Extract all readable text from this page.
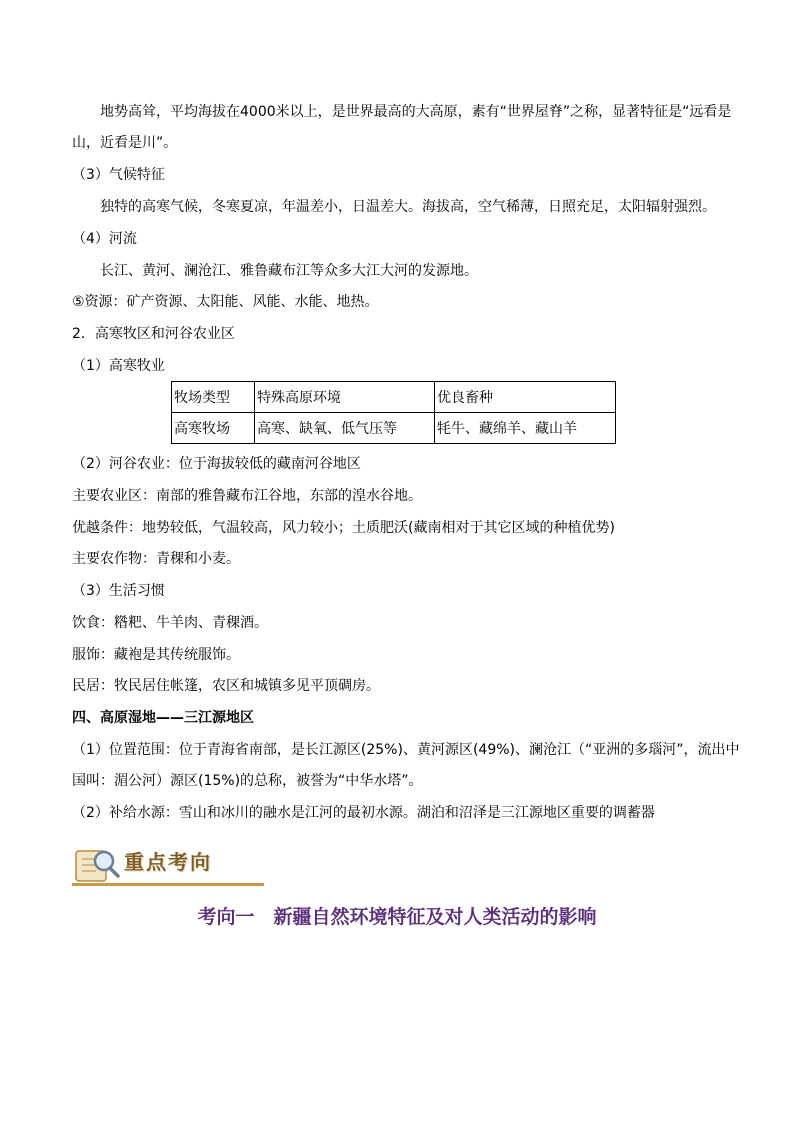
地势高耸，平均海拔在4000米以上，是世界最高的大高原，素有“世界屋脊”之称，显著特征是“远看是
山，近看是川”。
（3）气候特征
独特的高寒气候，冬寒夏凉，年温差小，日温差大。海拔高，空气稀薄，日照充足，太阳辐射强烈。
（4）河流
长江、黄河、澜沧江、雅鲁藏布江等众多大江大河的发源地。
⑤资源：矿产资源、太阳能、风能、水能、地热。
2．高寒牧区和河谷农业区
（1）高寒牧业
牧场类型	特殊高原环境	优良畜种
高寒牧场	高寒、缺氧、低气压等	牦牛、藏绵羊、藏山羊
（2）河谷农业：位于海拔较低的藏南河谷地区
主要农业区：南部的雅鲁藏布江谷地，东部的湟水谷地。
优越条件：地势较低，气温较高，风力较小；土质肥沃(藏南相对于其它区域的种植优势)
主要农作物：青稞和小麦。
（3）生活习惯
饮食：糌粑、牛羊肉、青稞酒。
服饰：藏袍是其传统服饰。
民居：牧民居住帐篷，农区和城镇多见平顶碉房。
四、高原湿地——三江源地区
（1）位置范围：位于青海省南部，是长江源区(25%)、黄河源区(49%)、澜沧江（“亚洲的多瑙河”，流出中
国叫：湄公河）源区(15%)的总称，被誉为“中华水塔”。
（2）补给水源：雪山和冰川的融水是江河的最初水源。湖泊和沼泽是三江源地区重要的调蓄器
重点考向
考向一　新疆自然环境特征及对人类活动的影响
